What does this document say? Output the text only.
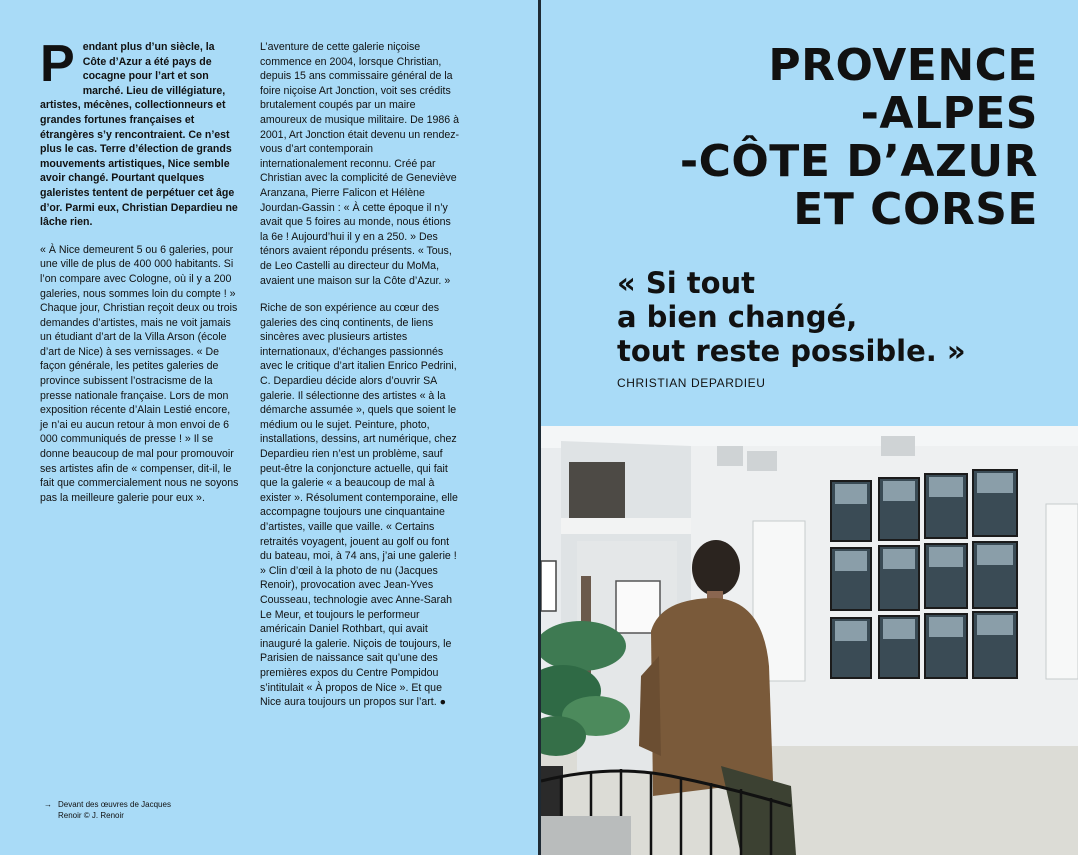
Pendant plus d’un siècle, la Côte d’Azur a été pays de cocagne pour l’art et son marché. Lieu de villégiature, artistes, mécènes, collectionneurs et grandes fortunes françaises et étrangères s’y rencontraient. Ce n’est plus le cas. Terre d’élection de grands mouvements artistiques, Nice semble avoir changé. Pourtant quelques galeristes tentent de perpétuer cet âge d’or. Parmi eux, Christian Depardieu ne lâche rien.

« À Nice demeurent 5 ou 6 galeries, pour une ville de plus de 400 000 habitants. Si l’on compare avec Cologne, où il y a 200 galeries, nous sommes loin du compte ! » Chaque jour, Christian reçoit deux ou trois demandes d’artistes, mais ne voit jamais un étudiant d’art de la Villa Arson (école d’art de Nice) à ses vernissages. « De façon générale, les petites galeries de province subissent l’ostracisme de la presse nationale française. Lors de mon exposition récente d’Alain Lestié encore, je n’ai eu aucun retour à mon envoi de 6 000 communiqués de presse ! » Il se donne beaucoup de mal pour promouvoir ses artistes afin de « compenser, dit-il, le fait que commercialement nous ne soyons pas la meilleure galerie pour eux ».

L’aventure de cette galerie niçoise commence en 2004, lorsque Christian, depuis 15 ans commissaire général de la foire niçoise Art Jonction, voit ses crédits brutalement coupés par un maire amoureux de musique militaire. De 1986 à 2001, Art Jonction était devenu un rendez-vous d’art contemporain internationalement reconnu. Créé par Christian avec la complicité de Geneviève Aranzana, Pierre Falicon et Hélène Jourdan-Gassin : « À cette époque il n’y avait que 5 foires au monde, nous étions la 6e ! Aujourd’hui il y en a 250. » Des ténors avaient répondu présents. « Tous, de Leo Castelli au directeur du MoMa, avaient une maison sur la Côte d’Azur. »

Riche de son expérience au cœur des galeries des cinq continents, de liens sincères avec plusieurs artistes internationaux, d’échanges passionnés avec le critique d’art italien Enrico Pedrini, C. Depardieu décide alors d’ouvrir SA galerie. Il sélectionne des artistes « à la démarche assumée », quels que soient le médium ou le sujet. Peinture, photo, installations, dessins, art numérique, chez Depardieu rien n’est un problème, sauf peut-être la conjoncture actuelle, qui fait que la galerie « a beaucoup de mal à exister ». Résolument contemporaine, elle accompagne toujours une cinquantaine d’artistes, vaille que vaille. « Certains retraités voyagent, jouent au golf ou font du bateau, moi, à 74 ans, j’ai une galerie ! » Clin d’œil à la photo de nu (Jacques Renoir), provocation avec Jean-Yves Cousseau, technologie avec Anne-Sarah Le Meur, et toujours le performeur américain Daniel Rothbart, qui avait inauguré la galerie. Niçois de toujours, le Parisien de naissance sait qu’une des premières expos du Centre Pompidou s’intitulait « À propos de Nice ». Et que Nice aura toujours un propos sur l’art. ●

→ Devant des œuvres de Jacques Renoir © J. Renoir
PROVENCE
-ALPES
-CÔTE D’AZUR
ET CORSE
« Si tout
a bien changé,
tout reste possible. »
CHRISTIAN DEPARDIEU
